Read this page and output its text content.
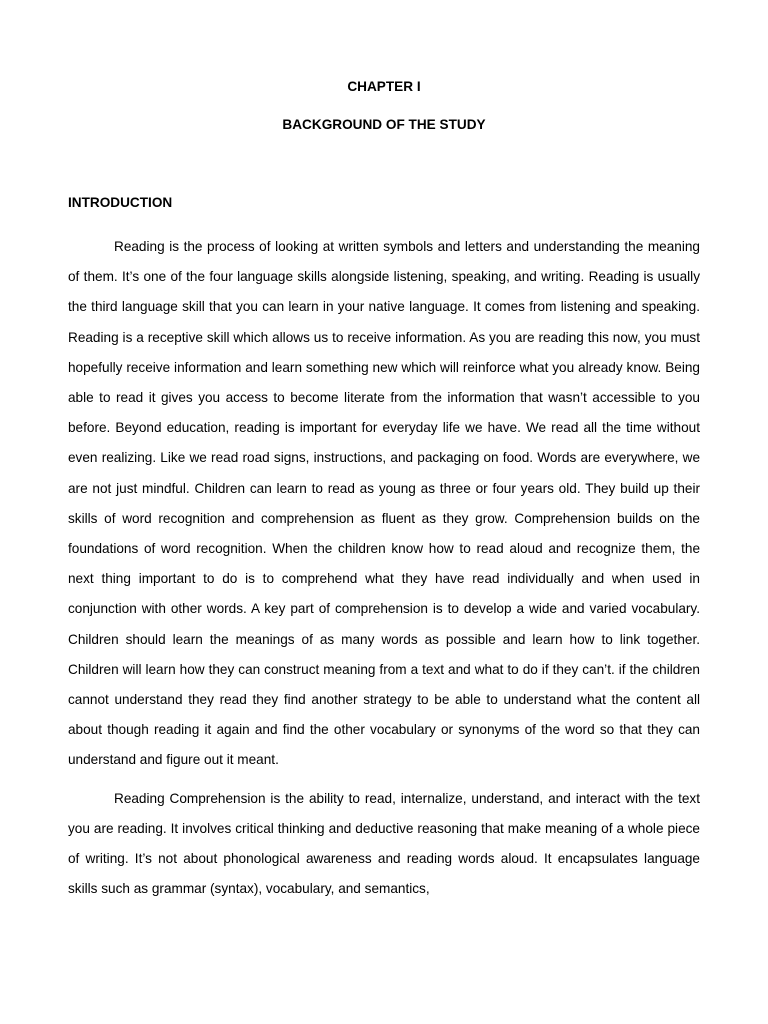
CHAPTER I
BACKGROUND OF THE STUDY
INTRODUCTION

Reading is the process of looking at written symbols and letters and understanding the meaning of them. It’s one of the four language skills alongside listening, speaking, and writing. Reading is usually the third language skill that you can learn in your native language. It comes from listening and speaking. Reading is a receptive skill which allows us to receive information. As you are reading this now, you must hopefully receive information and learn something new which will reinforce what you already know. Being able to read it gives you access to become literate from the information that wasn’t accessible to you before. Beyond education, reading is important for everyday life we have. We read all the time without even realizing. Like we read road signs, instructions, and packaging on food. Words are everywhere, we are not just mindful. Children can learn to read as young as three or four years old. They build up their skills of word recognition and comprehension as fluent as they grow. Comprehension builds on the foundations of word recognition. When the children know how to read aloud and recognize them, the next thing important to do is to comprehend what they have read individually and when used in conjunction with other words. A key part of comprehension is to develop a wide and varied vocabulary. Children should learn the meanings of as many words as possible and learn how to link together. Children will learn how they can construct meaning from a text and what to do if they can’t. if the children cannot understand they read they find another strategy to be able to understand what the content all about though reading it again and find the other vocabulary or synonyms of the word so that they can understand and figure out it meant.

Reading Comprehension is the ability to read, internalize, understand, and interact with the text you are reading. It involves critical thinking and deductive reasoning that make meaning of a whole piece of writing. It’s not about phonological awareness and reading words aloud. It encapsulates language skills such as grammar (syntax), vocabulary, and semantics,
